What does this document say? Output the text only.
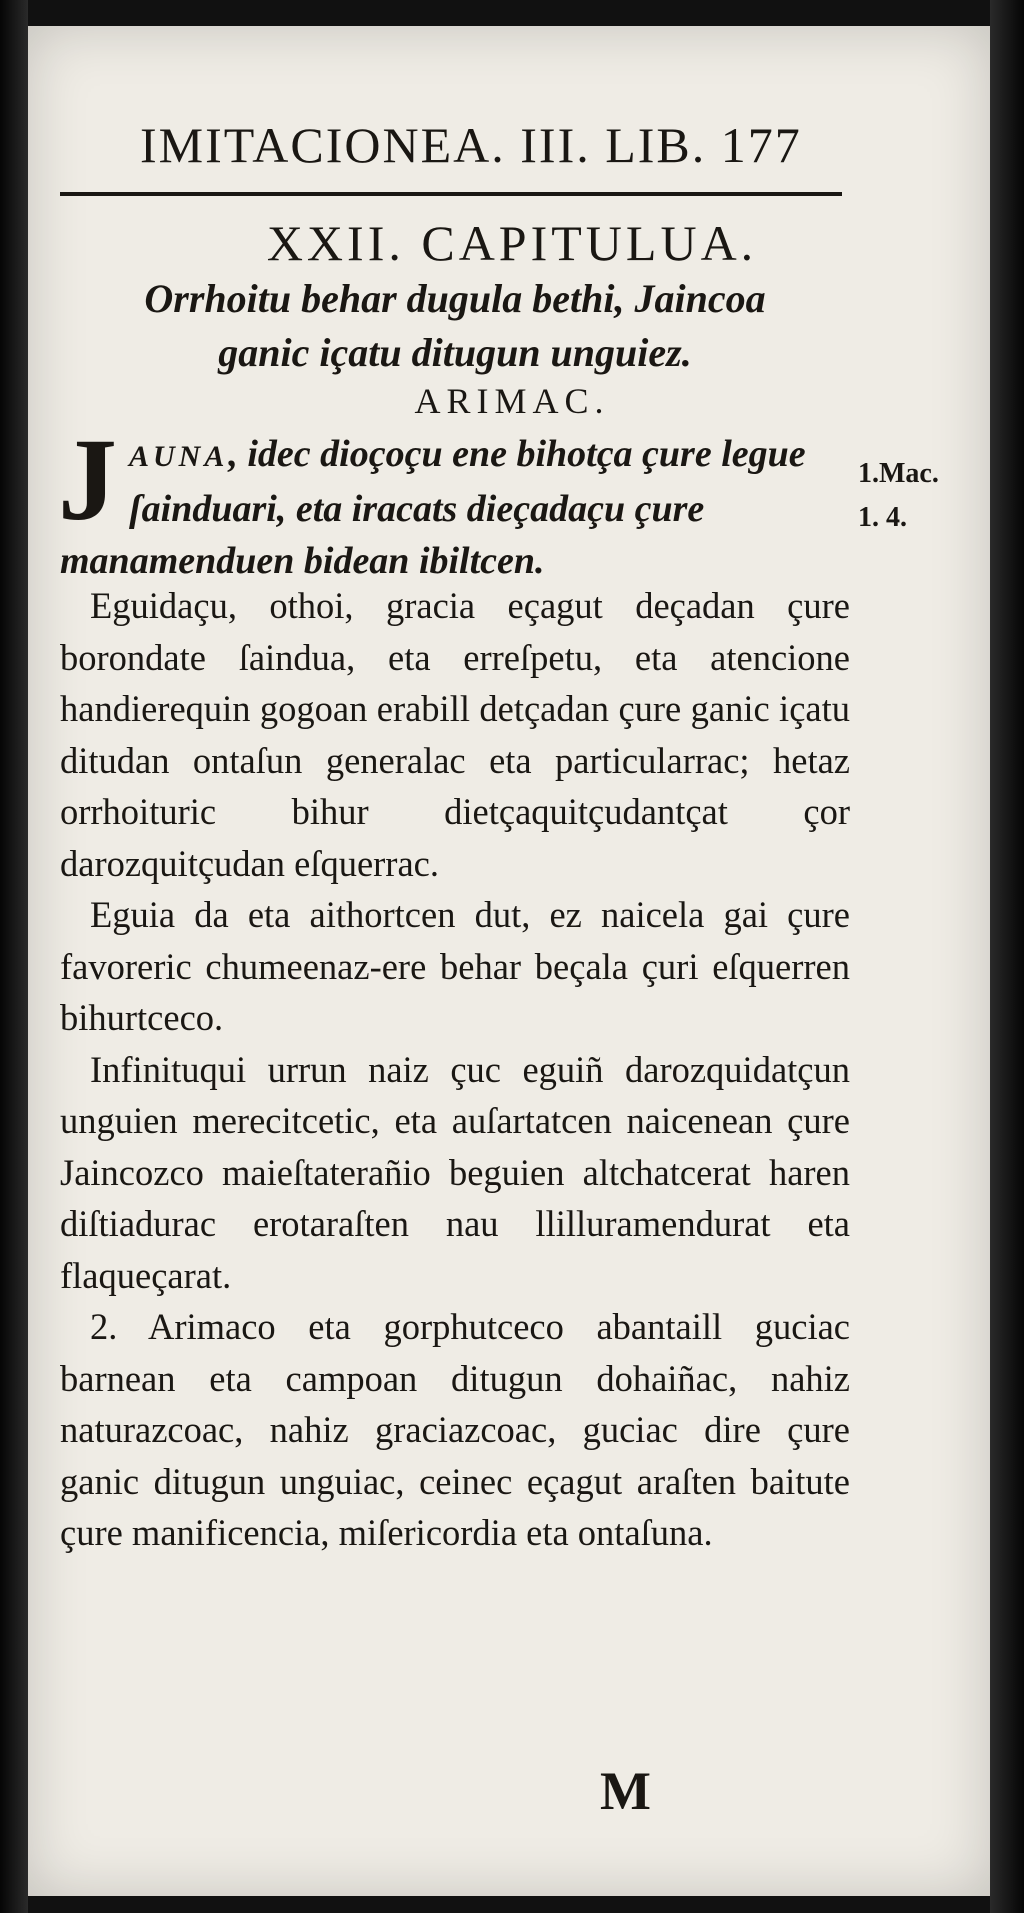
IMITACIONEA. III. LIB. 177
XXII. CAPITULUA.
Orrhoitu behar dugula bethi, Jaincoa
ganic içatu ditugun unguiez.
ARIMAC.
JAUNA, idec dioçoçu ene bihotça çure legue ſainduari, eta iracats dieçadaçu çure manamenduen bidean ibiltcen.
1.Mac.
1. 4.

Eguidaçu, othoi, gracia eçagut deçadan çure borondate ſaindua, eta erreſpetu, eta atencione handierequin gogoan erabill detçadan çure ganic içatu ditudan ontaſun generalac eta particularrac; hetaz orrhoituric bihur dietçaquitçudantçat çor darozquitçudan eſquerrac.

Eguia da eta aithortcen dut, ez naicela gai çure favoreric chumeenaz-ere behar beçala çuri eſquerren bihurtceco.

Infinituqui urrun naiz çuc eguiñ darozquidatçun unguien merecitcetic, eta auſartatcen naicenean çure Jaincozco maieſtaterañio beguien altchatcerat haren diſtiadurac erotaraſten nau llilluramendurat eta flaqueçarat.

2. Arimaco eta gorphutceco abantaill guciac barnean eta campoan ditugun dohaiñac, nahiz naturazcoac, nahiz graciazcoac, guciac dire çure ganic ditugun unguiac, ceinec eçagut araſten baitute çure manificencia, miſericordia eta ontaſuna.

M
